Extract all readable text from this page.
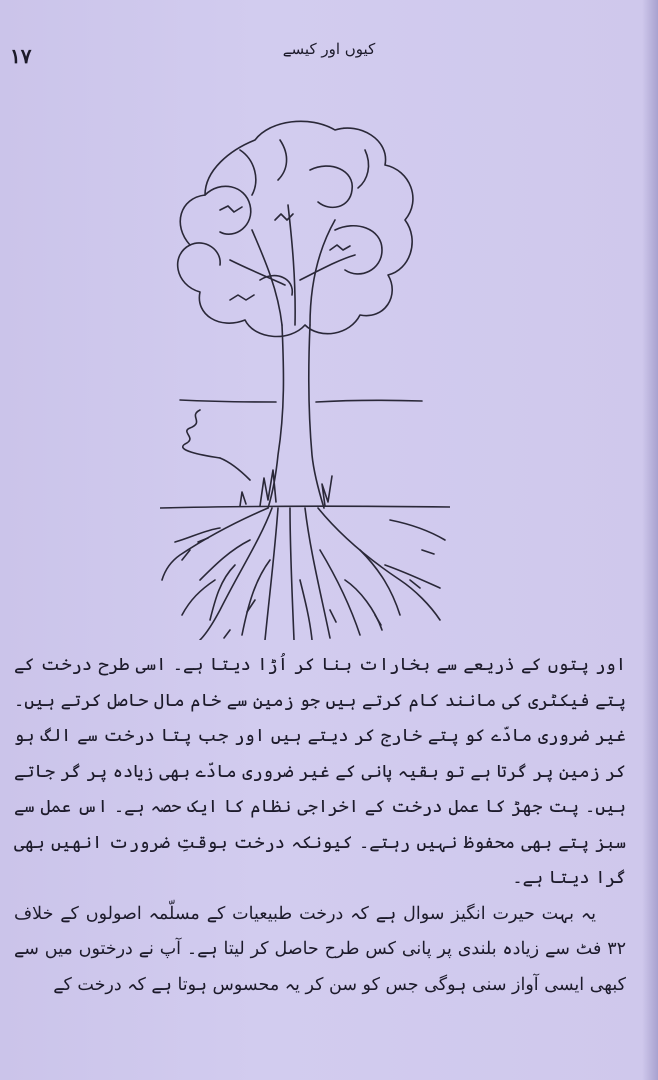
١٧	کیوں اور کیسے

اور پتوں کے ذریعے سے بخارات بنا کر اُڑا دیتا ہے۔ اسی طرح درخت کے پتے فیکٹری کی مانند کام کرتے ہیں جو زمین سے خام مال حاصل کرتے ہیں۔ غیر ضروری مادّے کو پتے خارج کر دیتے ہیں اور جب پتا درخت سے الگ ہو کر زمین پر گرتا ہے تو بقیہ پانی کے غیر ضروری مادّے بھی زیادہ پر گر جاتے ہیں۔ پت جھڑ کا عمل درخت کے اخراجی نظام کا ایک حصہ ہے۔ اس عمل سے سبز پتے بھی محفوظ نہیں رہتے۔ کیونکہ درخت بوقتِ ضرورت انھیں بھی گرا دیتا ہے۔

یہ بہت حیرت انگیز سوال ہے کہ درخت طبیعیات کے مسلّمہ اصولوں کے خلاف ۳۲ فٹ سے زیادہ بلندی پر پانی کس طرح حاصل کر لیتا ہے۔ آپ نے درختوں میں سے کبھی ایسی آواز سنی ہوگی جس کو سن کر یہ محسوس ہوتا ہے کہ درخت کے
